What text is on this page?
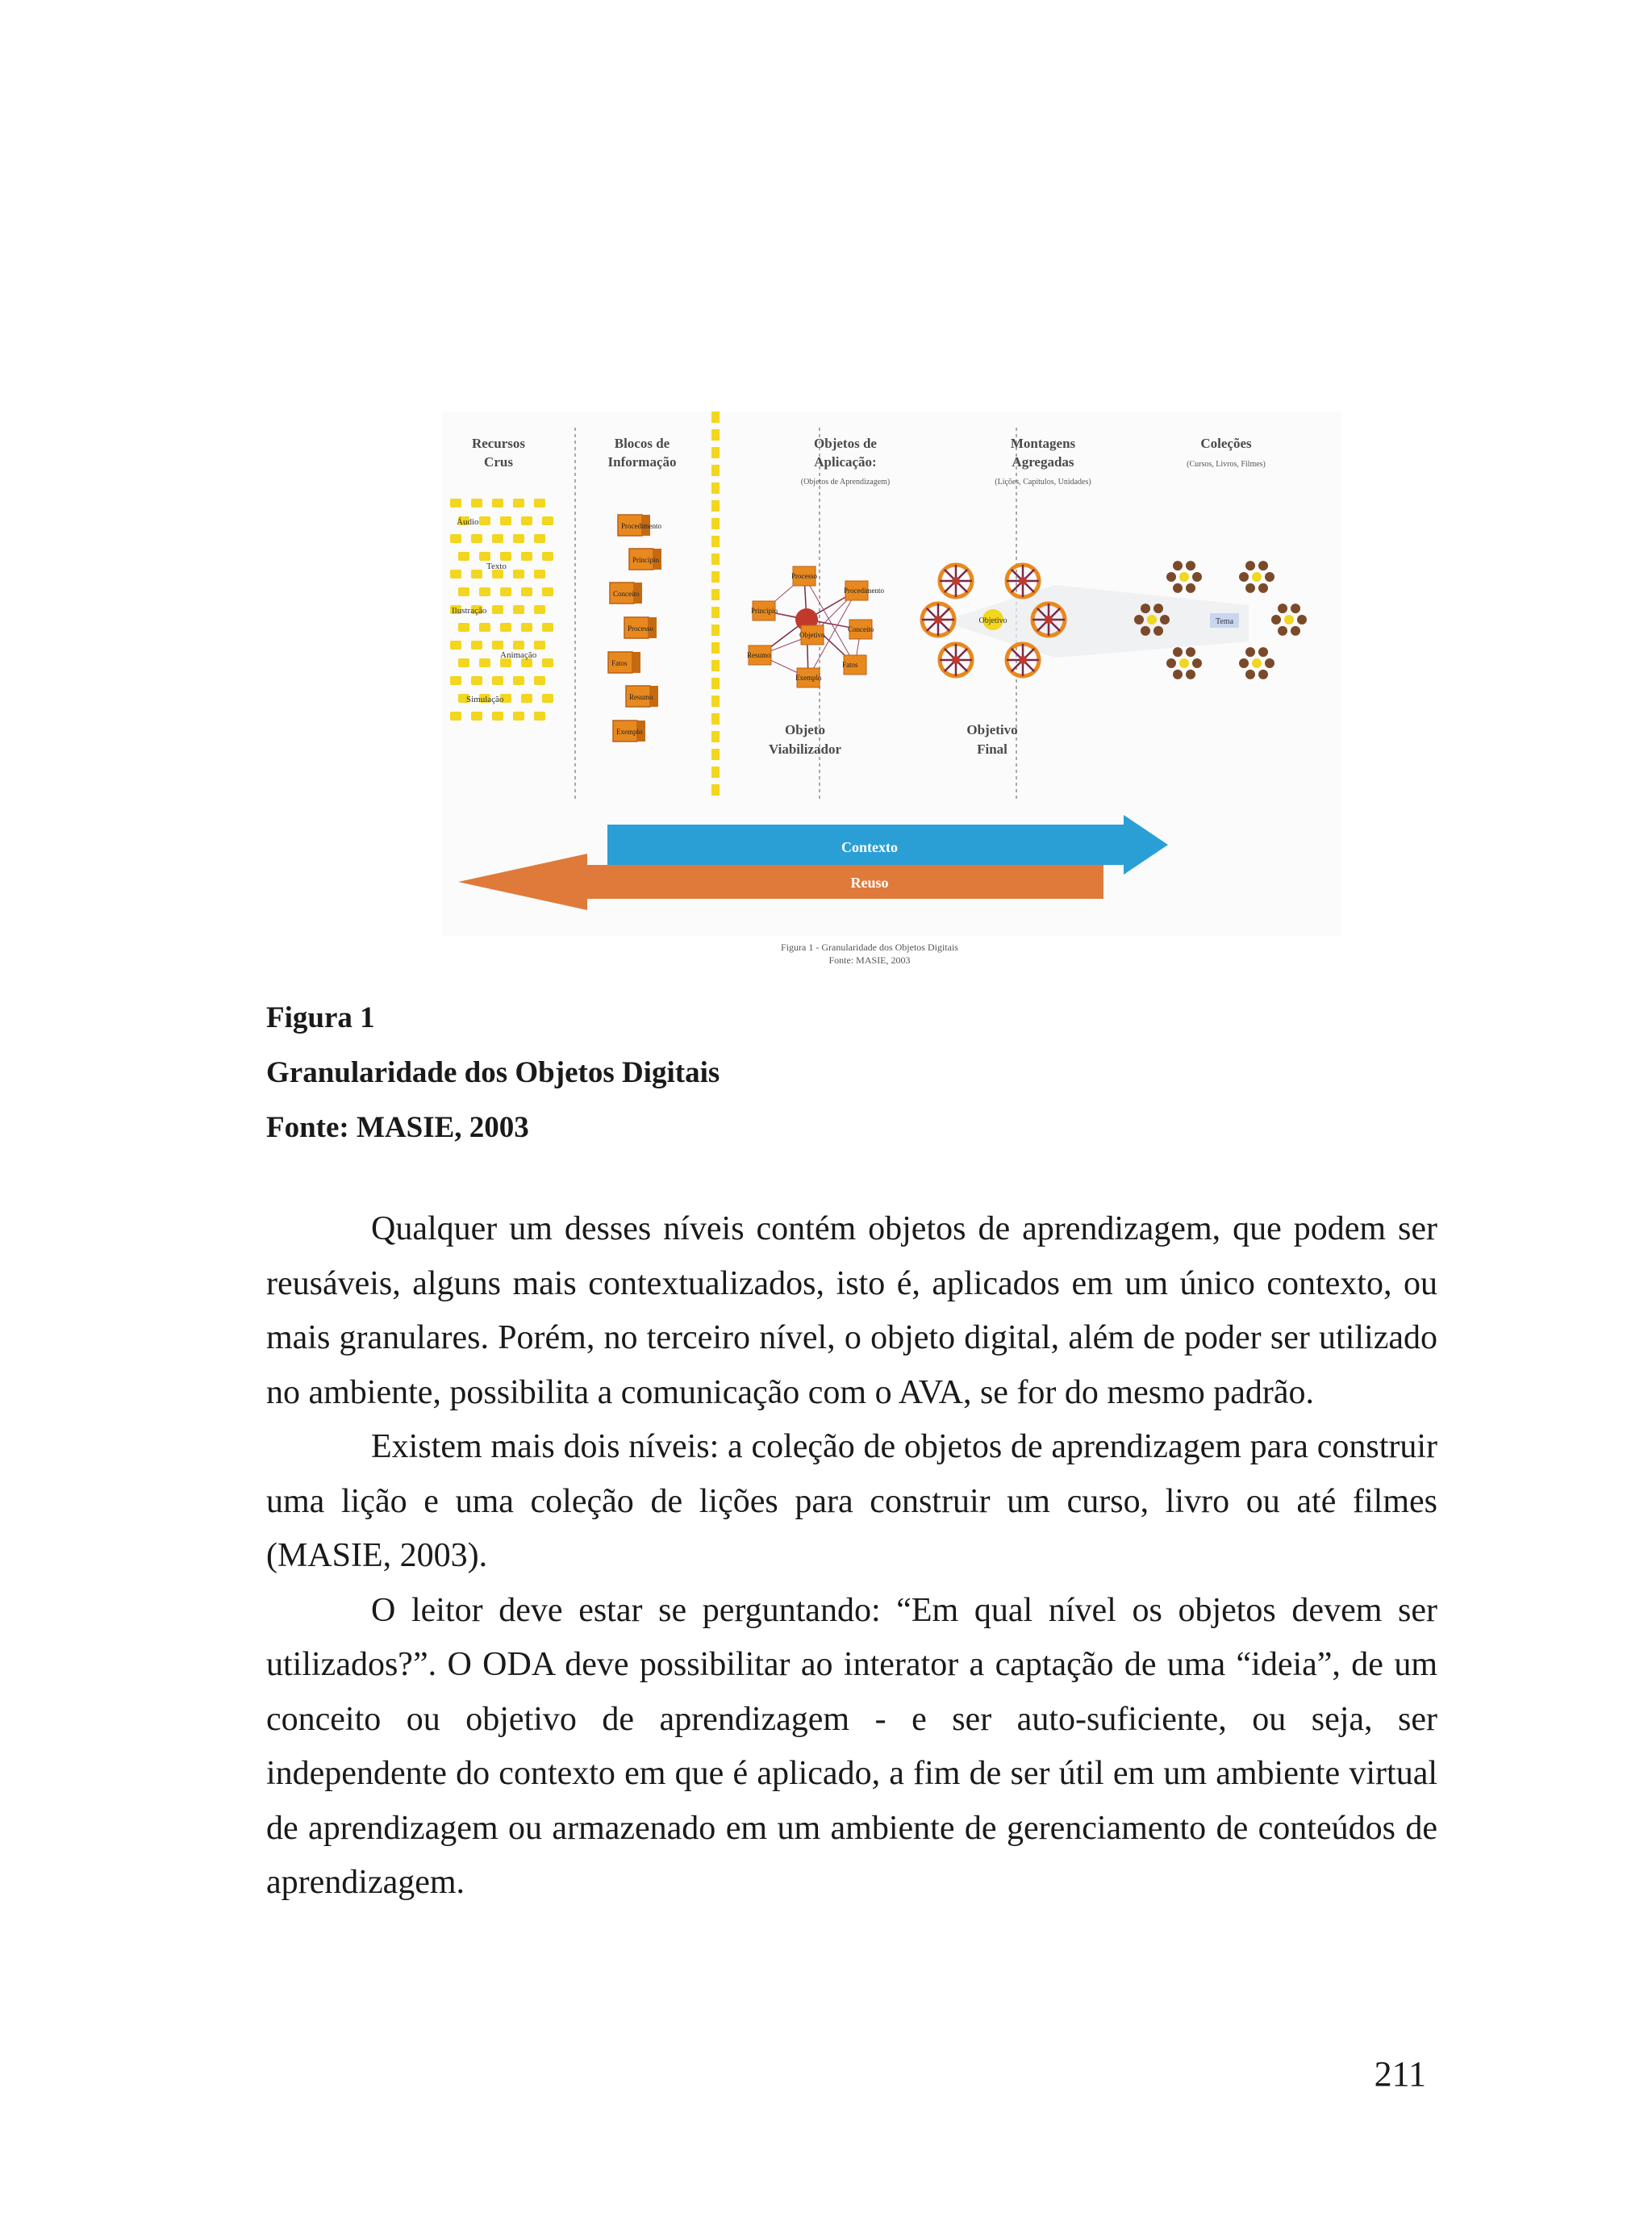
Recursos
Crus
Blocos de
Informação
Objetos de
Aplicação:
(Objetos de Aprendizagem)
Montagens
Agregadas
(Lições, Capítulos, Unidades)
Coleções
(Cursos, Livros, Filmes)
Áudio
Texto
Ilustração
Animação
Simulação
Procedimento
Princípio
Conceito
Processo
Fatos
Resumo
Exemplo
Processo
Procedimento
Princípio
Objetivo
Conceito
Resumo
Fatos
Exemplo
Objeto
Viabilizador
Objetivo
Objetivo
Final
Tema
Contexto
Reuso
Figura 1 - Granularidade dos Objetos Digitais
Fonte: MASIE, 2003
Figura 1
Granularidade dos Objetos Digitais
Fonte: MASIE, 2003

Qualquer um desses níveis contém objetos de aprendizagem, que podem ser reusáveis, alguns mais contextualizados, isto é, aplicados em um único contexto, ou mais granulares. Porém, no terceiro nível, o objeto digital, além de poder ser utilizado no ambiente, possibilita a comunicação com o AVA, se for do mesmo padrão.

Existem mais dois níveis: a coleção de objetos de aprendizagem para construir uma lição e uma coleção de lições para construir um curso, livro ou até filmes (MASIE, 2003).

O leitor deve estar se perguntando: “Em qual nível os objetos devem ser utilizados?”. O ODA deve possibilitar ao interator a captação de uma “ideia”, de um conceito ou objetivo de aprendizagem - e ser auto-suficiente, ou seja, ser independente do contexto em que é aplicado, a fim de ser útil em um ambiente virtual de aprendizagem ou armazenado em um ambiente de gerenciamento de conteúdos de aprendizagem.

211
